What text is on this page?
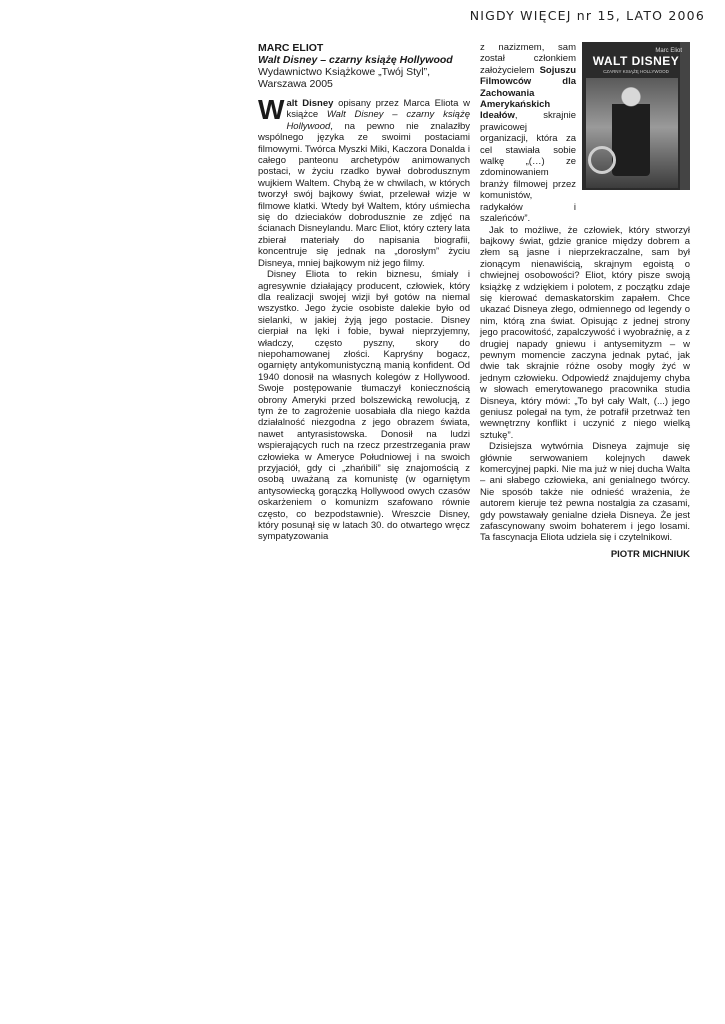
NIGDY WIĘCEJ nr 15, LATO 2006
MARC ELIOT
Walt Disney – czarny książę Hollywood
Wydawnictwo Książkowe „Twój Styl”,
Warszawa 2005

Walt Disney opisany przez Marca Eliota w książce Walt Disney – czarny książę Hollywood, na pewno nie znalazłby wspólnego języka ze swoimi postaciami filmowymi. Twórca Myszki Miki, Kaczora Donalda i całego panteonu archetypów animowanych postaci, w życiu rzadko bywał dobrodusznym wujkiem Waltem. Chybą że w chwilach, w których tworzył swój bajkowy świat, przelewał wizje w filmowe klatki. Wtedy był Waltem, który uśmiecha się do dzieciaków dobrodusznie ze zdjęć na ścianach Disneylandu. Marc Eliot, który cztery lata zbierał materiały do napisania biografii, koncentruje się jednak na „dorosłym” życiu Disneya, mniej bajkowym niż jego filmy.

Disney Eliota to rekin biznesu, śmiały i agresywnie działający producent, człowiek, który dla realizacji swojej wizji był gotów na niemal wszystko. Jego życie osobiste dalekie było od sielanki, w jakiej żyją jego postacie. Disney cierpiał na lęki i fobie, bywał nieprzyjemny, władczy, często pyszny, skory do niepohamowanej złości. Kapryśny bogacz, ogarnięty antykomunistyczną manią konfident. Od 1940 donosił na własnych kolegów z Hollywood. Swoje postępowanie tłumaczył koniecznością obrony Ameryki przed bolszewicką rewolucją, z tym że to zagrożenie uosabiała dla niego każda działalność niezgodna z jego obrazem świata, nawet antyrasistowska. Donosił na ludzi wspierających ruch na rzecz przestrzegania praw człowieka w Ameryce Południowej i na swoich przyjaciół, gdy ci „zhańbili” się znajomością z osobą uważaną za komunistę (w ogarniętym antysowiecką gorączką Hollywood owych czasów oskarżeniem o komunizm szafowano równie często, co bezpodstawnie). Wreszcie Disney, który posunął się w latach 30. do otwartego wręcz sympatyzowania

z nazizmem, sam został członkiem założycielem Sojuszu Filmowców dla Zachowania Amerykańskich Ideałów, skrajnie prawicowej organizacji, która za cel stawiała sobie walkę „(…) ze zdominowaniem branży filmowej przez komunistów, radykałów i szaleńców”.

Marc Eliot
WALT DISNEY
CZARNY KSIĄŻĘ HOLLYWOOD

Jak to możliwe, że człowiek, który stworzył bajkowy świat, gdzie granice między dobrem a złem są jasne i nieprzekraczalne, sam był zionącym nienawiścią, skrajnym egoistą o chwiejnej osobowości? Eliot, który pisze swoją książkę z wdziękiem i polotem, z początku zdaje się kierować demaskatorskim zapałem. Chce ukazać Disneya złego, odmiennego od legendy o nim, którą zna świat. Opisując z jednej strony jego pracowitość, zapalczywość i wyobraźnię, a z drugiej napady gniewu i antysemityzm – w pewnym momencie zaczyna jednak pytać, jak dwie tak skrajnie różne osoby mogły żyć w jednym człowieku. Odpowiedź znajdujemy chyba w słowach emerytowanego pracownika studia Disneya, który mówi: „To był cały Walt, (...) jego geniusz polegał na tym, że potrafił przetrważ ten wewnętrzny konflikt i uczynić z niego wielką sztukę”.

Dzisiejsza wytwórnia Disneya zajmuje się głównie serwowaniem kolejnych dawek komercyjnej papki. Nie ma już w niej ducha Walta – ani słabego człowieka, ani genialnego twórcy. Nie sposób także nie odnieść wrażenia, że autorem kieruje też pewna nostalgia za czasami, gdy powstawały genialne dzieła Disneya. Że jest zafascynowany swoim bohaterem i jego losami. Ta fascynacja Eliota udziela się i czytelnikowi.

PIOTR MICHNIUK
